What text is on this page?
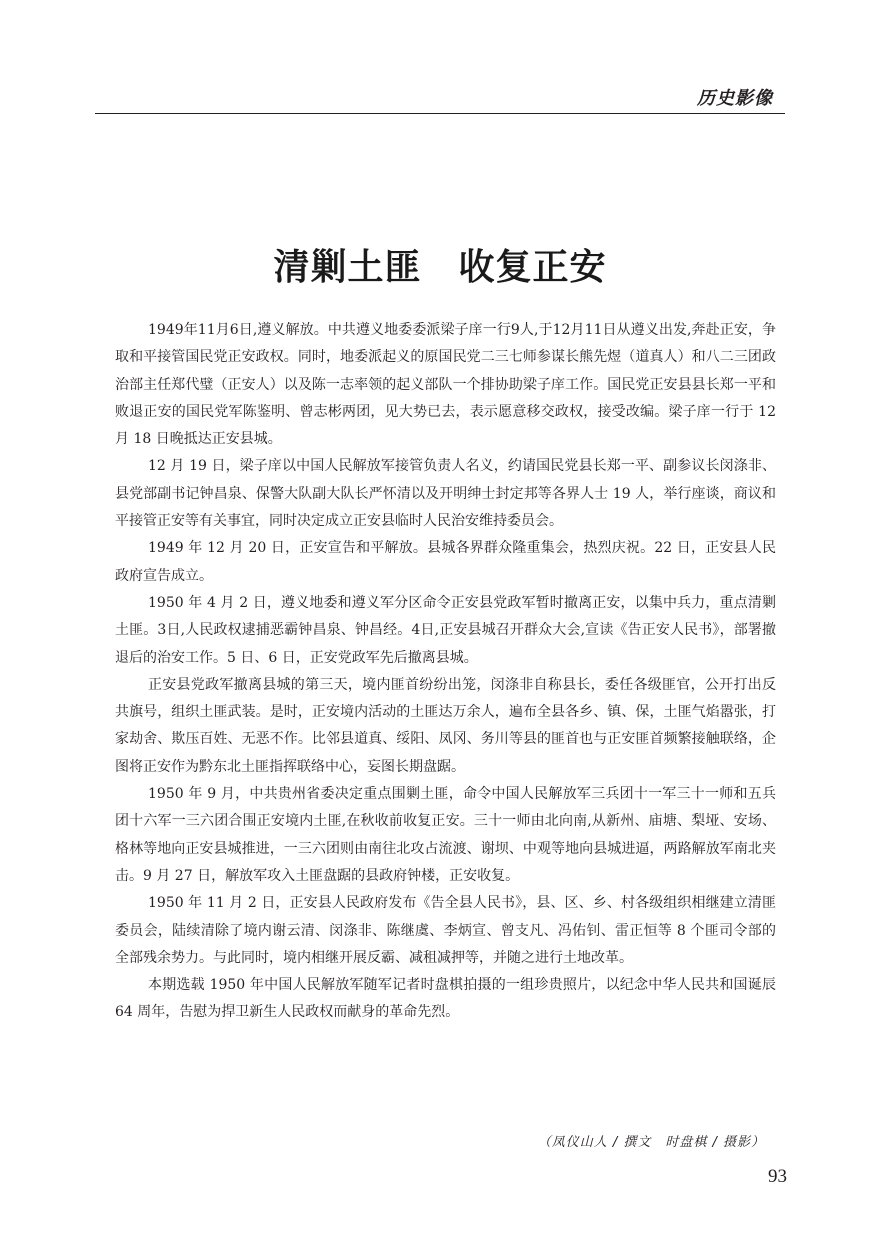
历史影像
清剿土匪　收复正安

1949年11月6日,遵义解放。中共遵义地委委派梁子庠一行9人,于12月11日从遵义出发,奔赴正安，争取和平接管国民党正安政权。同时，地委派起义的原国民党二三七师参谋长熊先煜（道真人）和八二三团政治部主任郑代璧（正安人）以及陈一志率领的起义部队一个排协助梁子庠工作。国民党正安县县长郑一平和败退正安的国民党军陈鉴明、曾志彬两团，见大势已去，表示愿意移交政权，接受改编。梁子庠一行于 12 月 18 日晚抵达正安县城。

12 月 19 日，梁子庠以中国人民解放军接管负责人名义，约请国民党县长郑一平、副参议长闵涤非、县党部副书记钟昌泉、保警大队副大队长严怀清以及开明绅士封定邦等各界人士 19 人，举行座谈，商议和平接管正安等有关事宜，同时决定成立正安县临时人民治安维持委员会。

1949 年 12 月 20 日，正安宣告和平解放。县城各界群众隆重集会，热烈庆祝。22 日，正安县人民政府宣告成立。

1950 年 4 月 2 日，遵义地委和遵义军分区命令正安县党政军暂时撤离正安，以集中兵力，重点清剿土匪。3日,人民政权逮捕恶霸钟昌泉、钟昌经。4日,正安县城召开群众大会,宣读《告正安人民书》，部署撤退后的治安工作。5 日、6 日，正安党政军先后撤离县城。

正安县党政军撤离县城的第三天，境内匪首纷纷出笼，闵涤非自称县长，委任各级匪官，公开打出反共旗号，组织土匪武装。是时，正安境内活动的土匪达万余人，遍布全县各乡、镇、保，土匪气焰嚣张，打家劫舍、欺压百姓、无恶不作。比邻县道真、绥阳、凤冈、务川等县的匪首也与正安匪首频繁接触联络，企图将正安作为黔东北土匪指挥联络中心，妄图长期盘踞。

1950 年 9 月，中共贵州省委决定重点围剿土匪，命令中国人民解放军三兵团十一军三十一师和五兵团十六军一三六团合围正安境内土匪,在秋收前收复正安。三十一师由北向南,从新州、庙塘、梨垭、安场、格林等地向正安县城推进，一三六团则由南往北攻占流渡、谢坝、中观等地向县城进逼，两路解放军南北夹击。9 月 27 日，解放军攻入土匪盘踞的县政府钟楼，正安收复。

1950 年 11 月 2 日，正安县人民政府发布《告全县人民书》，县、区、乡、村各级组织相继建立清匪委员会，陆续清除了境内谢云清、闵涤非、陈继虞、李炳宣、曾支凡、冯佑钊、雷正恒等 8 个匪司令部的全部残余势力。与此同时，境内相继开展反霸、减租减押等，并随之进行土地改革。

本期选载 1950 年中国人民解放军随军记者时盘棋拍摄的一组珍贵照片，以纪念中华人民共和国诞辰 64 周年，告慰为捍卫新生人民政权而献身的革命先烈。

（凤仪山人 / 撰文　时盘棋 / 摄影）
93
